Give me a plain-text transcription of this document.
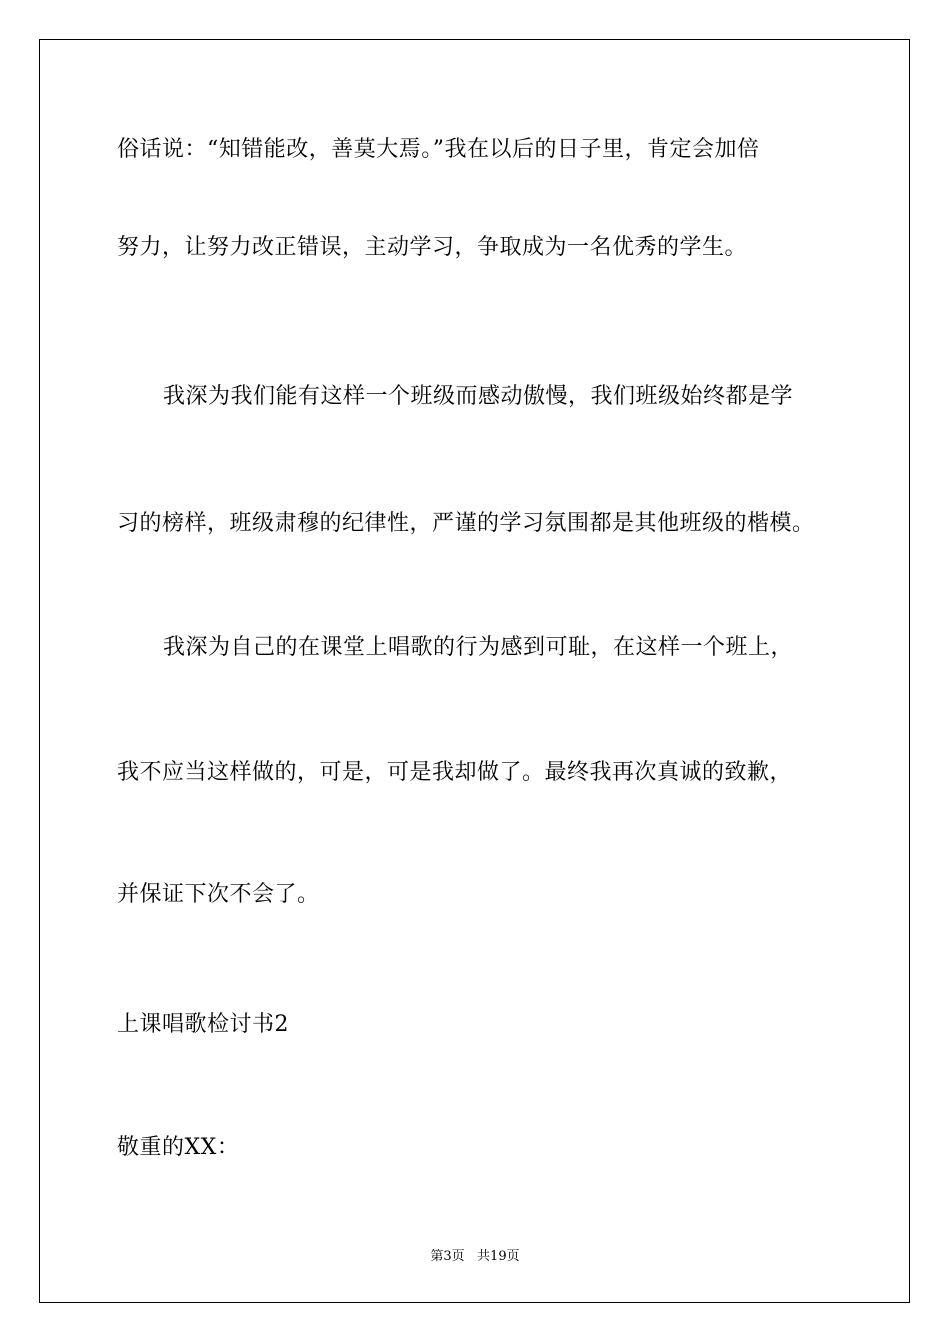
俗话说：“知错能改，善莫大焉。”我在以后的日子里，肯定会加倍
努力，让努力改正错误，主动学习，争取成为一名优秀的学生。
我深为我们能有这样一个班级而感动傲慢，我们班级始终都是学
习的榜样，班级肃穆的纪律性，严谨的学习氛围都是其他班级的楷模。
我深为自己的在课堂上唱歌的行为感到可耻，在这样一个班上，
我不应当这样做的，可是，可是我却做了。最终我再次真诚的致歉，
并保证下次不会了。
上课唱歌检讨书2
敬重的XX：
第3页   共19页
